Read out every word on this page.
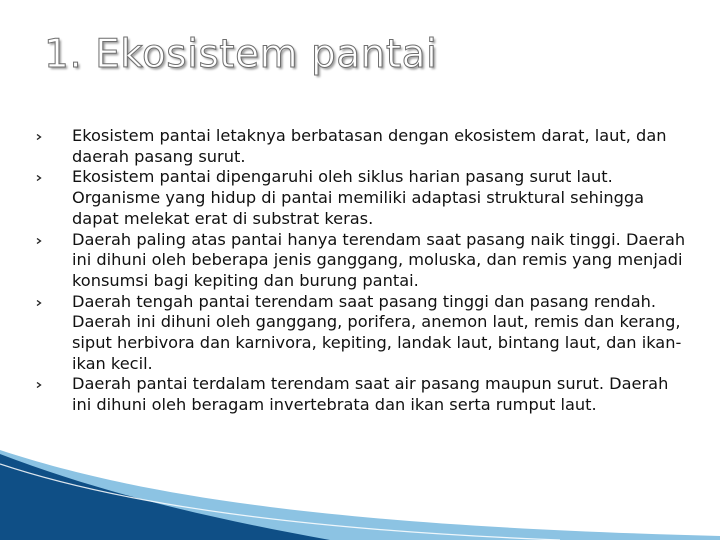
1. Ekosistem pantai
Ekosistem pantai letaknya berbatasan dengan ekosistem darat, laut, dan daerah pasang surut.
Ekosistem pantai dipengaruhi oleh siklus harian pasang surut laut. Organisme yang hidup di pantai memiliki adaptasi struktural sehingga dapat melekat erat di substrat keras.
Daerah paling atas pantai hanya terendam saat pasang naik tinggi. Daerah ini dihuni oleh beberapa jenis ganggang, moluska, dan remis yang menjadi konsumsi bagi kepiting dan burung pantai.
Daerah tengah pantai terendam saat pasang tinggi dan pasang rendah. Daerah ini dihuni oleh ganggang, porifera, anemon laut, remis dan kerang, siput herbivora dan karnivora, kepiting, landak laut, bintang laut, dan ikan-ikan kecil.
Daerah pantai terdalam terendam saat air pasang maupun surut. Daerah ini dihuni oleh beragam invertebrata dan ikan serta rumput laut.
